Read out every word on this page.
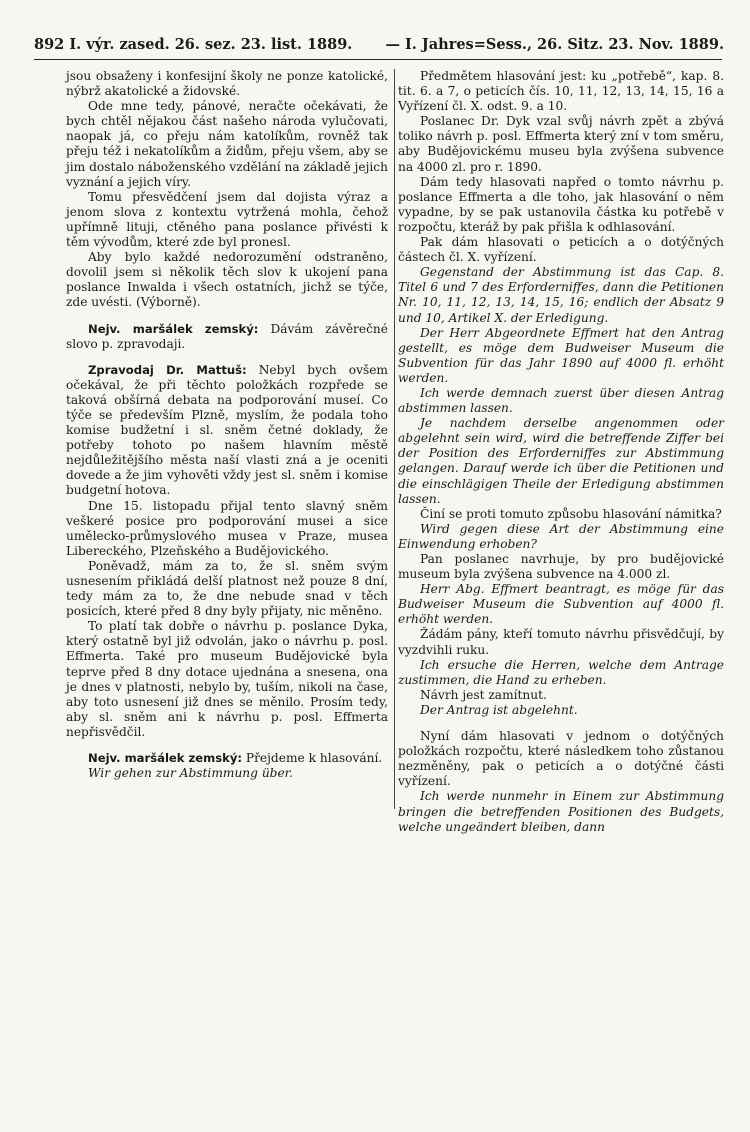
892 I. výr. zased. 26. sez. 23. list. 1889. — I. Jahres=Sess., 26. Sitz. 23. Nov. 1889.

jsou obsaženy i konfesijní školy ne ponze katolické, nýbrž akatolické a židovské.

Ode mne tedy, pánové, neračte očekávati, že bych chtěl nějakou část našeho národa vylučovati, naopak já, co přeju nám katolíkům, rovněž tak přeju též i nekatolíkům a židům, přeju všem, aby se jim dostalo náboženského vzdělání na základě jejich vyznání a jejich víry.

Tomu přesvědčení jsem dal dojista výraz a jenom slova z kontextu vytržená mohla, čehož upřímně lituji, ctěného pana poslance přivésti k těm vývodům, které zde byl pronesl.

Aby bylo každé nedorozumění odstraněno, dovolil jsem si několik těch slov k ukojení pana poslance Inwalda i všech ostatních, jichž se týče, zde uvésti. (Výborně).

Nejv. maršálek zemský: Dávám závěrečné slovo p. zpravodaji.

Zpravodaj Dr. Mattuš: Nebyl bych ovšem očekával, že při těchto položkách rozpřede se taková obšírná debata na podporování museí. Co týče se především Plzně, myslím, že podala toho komise budžetní i sl. sněm četné doklady, že potřeby tohoto po našem hlavním městě nejdůležitějšího města naší vlasti zná a je oceniti dovede a že jim vyhověti vždy jest sl. sněm i komise budgetní hotova.

Dne 15. listopadu přijal tento slavný sněm veškeré posice pro podporování musei a sice umělecko-průmyslového musea v Praze, musea Libereckého, Plzeňského a Budějovického.

Poněvadž, mám za to, že sl. sněm svým usnesením přikládá delší platnost než pouze 8 dní, tedy mám za to, že dne nebude snad v těch posicích, které před 8 dny byly přijaty, nic měněno.

To platí tak dobře o návrhu p. poslance Dyka, který ostatně byl již odvolán, jako o návrhu p. posl. Effmerta. Také pro museum Budějovické byla teprve před 8 dny dotace ujednána a snesena, ona je dnes v platnosti, nebylo by, tuším, nikoli na čase, aby toto usnesení již dnes se měnilo. Prosím tedy, aby sl. sněm ani k návrhu p. posl. Effmerta nepřisvědčil.

Nejv. maršálek zemský: Přejdeme k hlasování.

Wir gehen zur Abstimmung über.

Předmětem hlasování jest: ku „potřebě“, kap. 8. tit. 6. a 7, o peticích čís. 10, 11, 12, 13, 14, 15, 16 a Vyřízení čl. X. odst. 9. a 10.

Poslanec Dr. Dyk vzal svůj návrh zpět a zbývá toliko návrh p. posl. Effmerta který zní v tom směru, aby Budějovickému museu byla zvýšena subvence na 4000 zl. pro r. 1890.

Dám tedy hlasovati napřed o tomto návrhu p. poslance Effmerta a dle toho, jak hlasování o něm vypadne, by se pak ustanovila částka ku potřebě v rozpočtu, kteráž by pak přišla k odhlasování.

Pak dám hlasovati o peticích a o dotýčných částech čl. X. vyřízení.

Gegenstand der Abstimmung ist das Cap. 8. Titel 6 und 7 des Erforderniffes, dann die Petitionen Nr. 10, 11, 12, 13, 14, 15, 16; endlich der Absatz 9 und 10, Artikel X. der Erledigung.

Der Herr Abgeordnete Effmert hat den Antrag gestellt, es möge dem Budweiser Museum die Subvention für das Jahr 1890 auf 4000 fl. erhöht werden.

Ich werde demnach zuerst über diesen Antrag abstimmen lassen.

Je nachdem derselbe angenommen oder abgelehnt sein wird, wird die betreffende Ziffer bei der Position des Erforderniffes zur Abstimmung gelangen. Darauf werde ich über die Petitionen und die einschlägigen Theile der Erledigung abstimmen lassen.

Činí se proti tomuto způsobu hlasování námitka?

Wird gegen diese Art der Abstimmung eine Einwendung erhoben?

Pan poslanec navrhuje, by pro budějovické museum byla zvýšena subvence na 4.000 zl.

Herr Abg. Effmert beantragt, es möge für das Budweiser Museum die Subvention auf 4000 fl. erhöht werden.

Žádám pány, kteří tomuto návrhu přisvědčují, by vyzdvihli ruku.

Ich ersuche die Herren, welche dem Antrage zustimmen, die Hand zu erheben.

Návrh jest zamítnut.

Der Antrag ist abgelehnt.

Nyní dám hlasovati v jednom o dotýčných položkách rozpočtu, které následkem toho zůstanou nezměněny, pak o peticích a o dotýčné části vyřízení.

Ich werde nunmehr in Einem zur Abstimmung bringen die betreffenden Positionen des Budgets, welche ungeändert bleiben, dann
